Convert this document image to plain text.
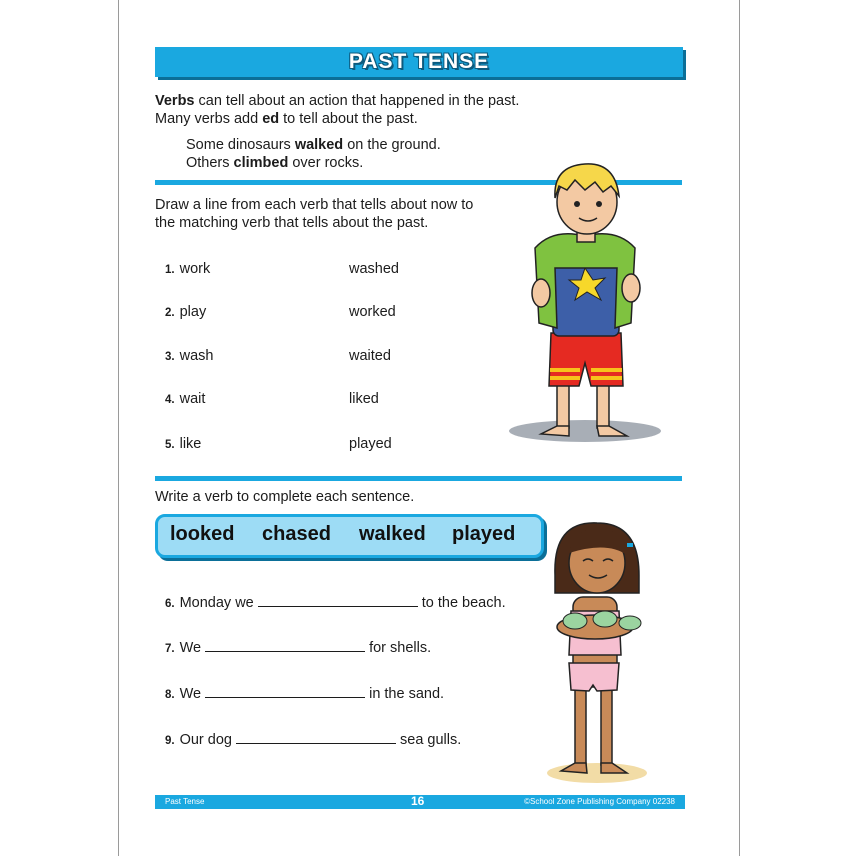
PAST TENSE
Verbs can tell about an action that happened in the past.
Many verbs add ed to tell about the past.
Some dinosaurs walked on the ground.
Others climbed over rocks.
Draw a line from each verb that tells about now to
the matching verb that tells about the past.
1. work	washed
2. play	worked
3. wash	waited
4. wait	liked
5. like	played
Write a verb to complete each sentence.
looked chased walked played
6. Monday we	to the beach.
7. We	for shells.
8. We	in the sand.
9. Our dog	sea gulls.
Past Tense	16	©School Zone Publishing Company 02238
